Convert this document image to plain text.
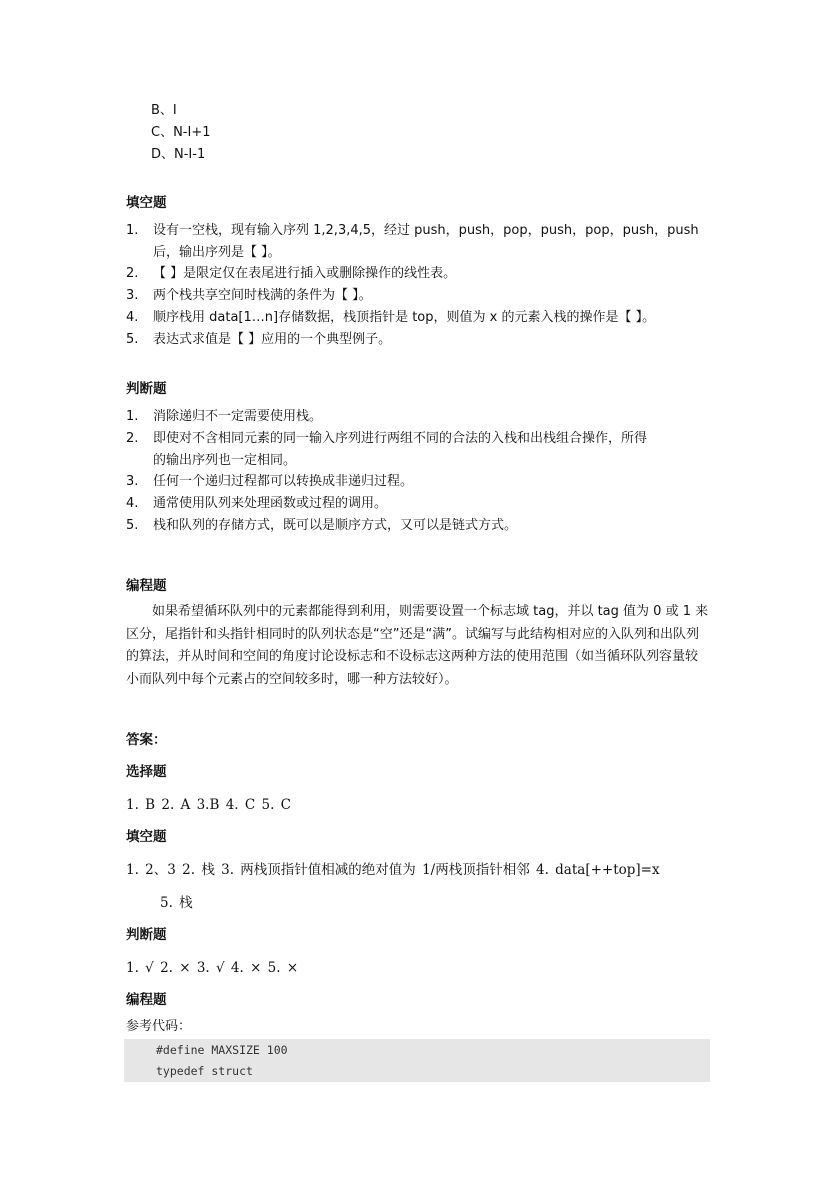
B、I
C、N-I+1
D、N-I-1
填空题
1. 设有一空栈，现有输入序列 1,2,3,4,5，经过 push，push，pop，push，pop，push，push
后，输出序列是【 】。
2. 【 】是限定仅在表尾进行插入或删除操作的线性表。
3. 两个栈共享空间时栈满的条件为【 】。
4. 顺序栈用 data[1…n]存储数据，栈顶指针是 top，则值为 x 的元素入栈的操作是【 】。
5. 表达式求值是【 】应用的一个典型例子。
判断题
1. 消除递归不一定需要使用栈。
2. 即使对不含相同元素的同一输入序列进行两组不同的合法的入栈和出栈组合操作，所得
的输出序列也一定相同。
3. 任何一个递归过程都可以转换成非递归过程。
4. 通常使用队列来处理函数或过程的调用。
5. 栈和队列的存储方式，既可以是顺序方式，又可以是链式方式。
编程题
如果希望循环队列中的元素都能得到利用，则需要设置一个标志域 tag，并以 tag 值为 0 或 1 来区分，尾指针和头指针相同时的队列状态是“空”还是“满”。试编写与此结构相对应的入队列和出队列的算法，并从时间和空间的角度讨论设标志和不设标志这两种方法的使用范围（如当循环队列容量较小而队列中每个元素占的空间较多时，哪一种方法较好）。
答案：
选择题
1. B 2. A 3.B 4. C 5. C
填空题
1. 2、3 2. 栈 3. 两栈顶指针值相减的绝对值为 1/两栈顶指针相邻 4. data[++top]=x
5. 栈
判断题
1. √ 2. × 3. √ 4. × 5. ×
编程题
参考代码：
#define MAXSIZE 100
typedef struct
